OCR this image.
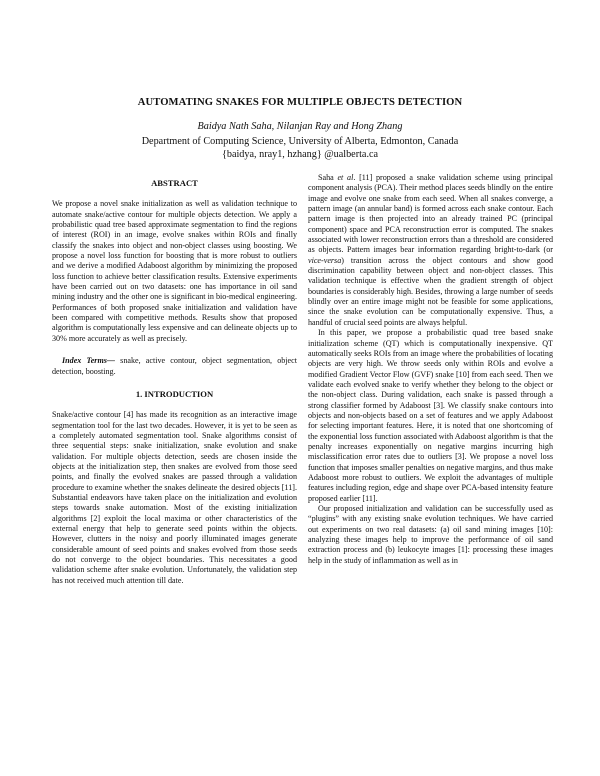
AUTOMATING SNAKES FOR MULTIPLE OBJECTS DETECTION
Baidya Nath Saha, Nilanjan Ray and Hong Zhang
Department of Computing Science, University of Alberta, Edmonton, Canada
{baidya, nray1, hzhang} @ualberta.ca
ABSTRACT
We propose a novel snake initialization as well as validation technique to automate snake/active contour for multiple objects detection. We apply a probabilistic quad tree based approximate segmentation to find the regions of interest (ROI) in an image, evolve snakes within ROIs and finally classify the snakes into object and non-object classes using boosting. We propose a novel loss function for boosting that is more robust to outliers and we derive a modified Adaboost algorithm by minimizing the proposed loss function to achieve better classification results. Extensive experiments have been carried out on two datasets: one has importance in oil sand mining industry and the other one is significant in bio-medical engineering. Performances of both proposed snake initialization and validation have been compared with competitive methods. Results show that proposed algorithm is computationally less expensive and can delineate objects up to 30% more accurately as well as precisely.
Index Terms— snake, active contour, object segmentation, object detection, boosting.
1. INTRODUCTION
Snake/active contour [4] has made its recognition as an interactive image segmentation tool for the last two decades. However, it is yet to be seen as a completely automated segmentation tool. Snake algorithms consist of three sequential steps: snake initialization, snake evolution and snake validation. For multiple objects detection, seeds are chosen inside the objects at the initialization step, then snakes are evolved from those seed points, and finally the evolved snakes are passed through a validation procedure to examine whether the snakes delineate the desired objects [11]. Substantial endeavors have taken place on the initialization and evolution steps towards snake automation. Most of the existing initialization algorithms [2] exploit the local maxima or other characteristics of the external energy that help to generate seed points within the objects. However, clutters in the noisy and poorly illuminated images generate considerable amount of seed points and snakes evolved from those seeds do not converge to the object boundaries. This necessitates a good validation scheme after snake evolution. Unfortunately, the validation step has not received much attention till date.
Saha et al. [11] proposed a snake validation scheme using principal component analysis (PCA). Their method places seeds blindly on the entire image and evolve one snake from each seed. When all snakes converge, a pattern image (an annular band) is formed across each snake contour. Each pattern image is then projected into an already trained PC (principal component) space and PCA reconstruction error is computed. The snakes associated with lower reconstruction errors than a threshold are considered as objects. Pattern images bear information regarding bright-to-dark (or vice-versa) transition across the object contours and show good discrimination capability between object and non-object classes. This validation technique is effective when the gradient strength of object boundaries is considerably high. Besides, throwing a large number of seeds blindly over an entire image might not be feasible for some applications, since the snake evolution can be computationally expensive. Thus, a handful of crucial seed points are always helpful.
In this paper, we propose a probabilistic quad tree based snake initialization scheme (QT) which is computationally inexpensive. QT automatically seeks ROIs from an image where the probabilities of locating objects are very high. We throw seeds only within ROIs and evolve a modified Gradient Vector Flow (GVF) snake [10] from each seed. Then we validate each evolved snake to verify whether they belong to the object or the non-object class. During validation, each snake is passed through a strong classifier formed by Adaboost [3]. We classify snake contours into objects and non-objects based on a set of features and we apply Adaboost for selecting important features. Here, it is noted that one shortcoming of the exponential loss function associated with Adaboost algorithm is that the penalty increases exponentially on negative margins incurring high misclassification error rates due to outliers [3]. We propose a novel loss function that imposes smaller penalties on negative margins, and thus make Adaboost more robust to outliers. We exploit the advantages of multiple features including region, edge and shape over PCA-based intensity feature proposed earlier [11].
Our proposed initialization and validation can be successfully used as “plugins” with any existing snake evolution techniques. We have carried out experiments on two real datasets: (a) oil sand mining images [10]: analyzing these images help to improve the performance of oil sand extraction process and (b) leukocyte images [1]: processing these images help in the study of inflammation as well as in
